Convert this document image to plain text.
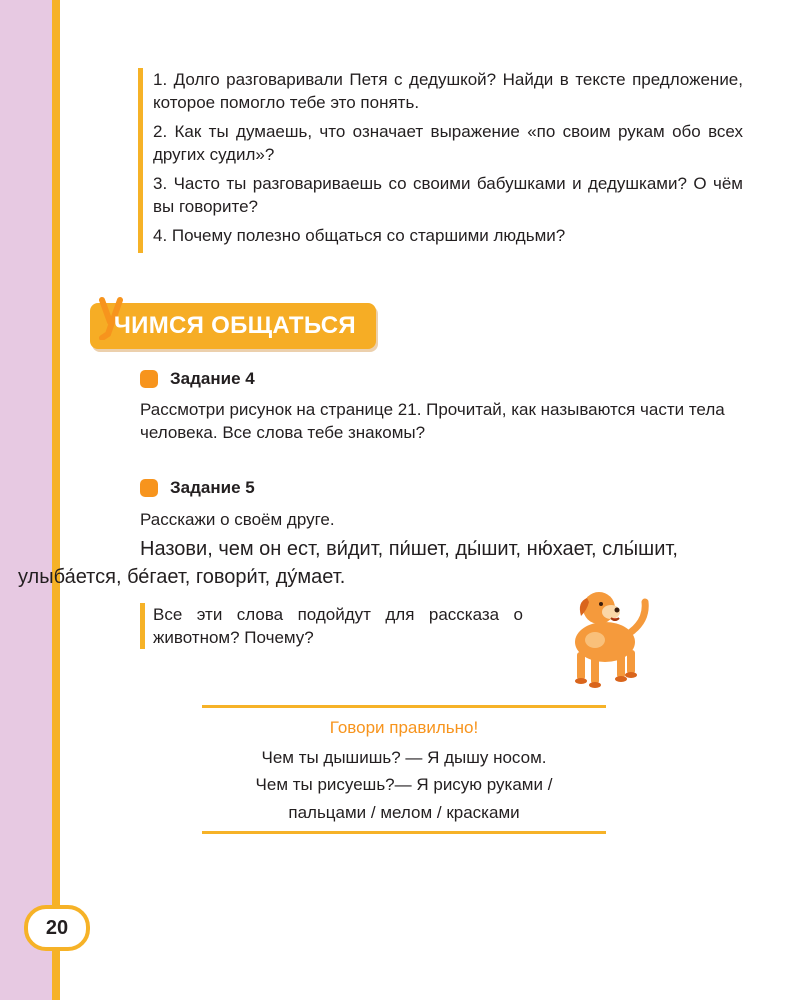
1. Долго разговаривали Петя с дедушкой? Найди в тексте предложение, которое помогло тебе это понять.

2. Как ты думаешь, что означает выражение «по своим рукам обо всех других судил»?

3. Часто ты разговариваешь со своими бабушками и дедушками? О чём вы говорите?

4. Почему полезно общаться со старшими людьми?

У
ЧИМСЯ ОБЩАТЬСЯ
Задание 4
Рассмотри рисунок на странице 21. Прочитай, как называются части тела человека. Все слова тебе знакомы?
Задание 5
Расскажи о своём друге.
Назови, чем он ест, ви́дит, пи́шет, ды́шит, ню́хает, слы́шит,
улыба́ется, бе́гает, говори́т, ду́мает.
Все эти слова подойдут для рассказа о животном? Почему?
Говори правильно!
Чем ты дышишь? — Я дышу носом.
Чем ты рисуешь?— Я рисую руками /
пальцами / мелом / красками
20
